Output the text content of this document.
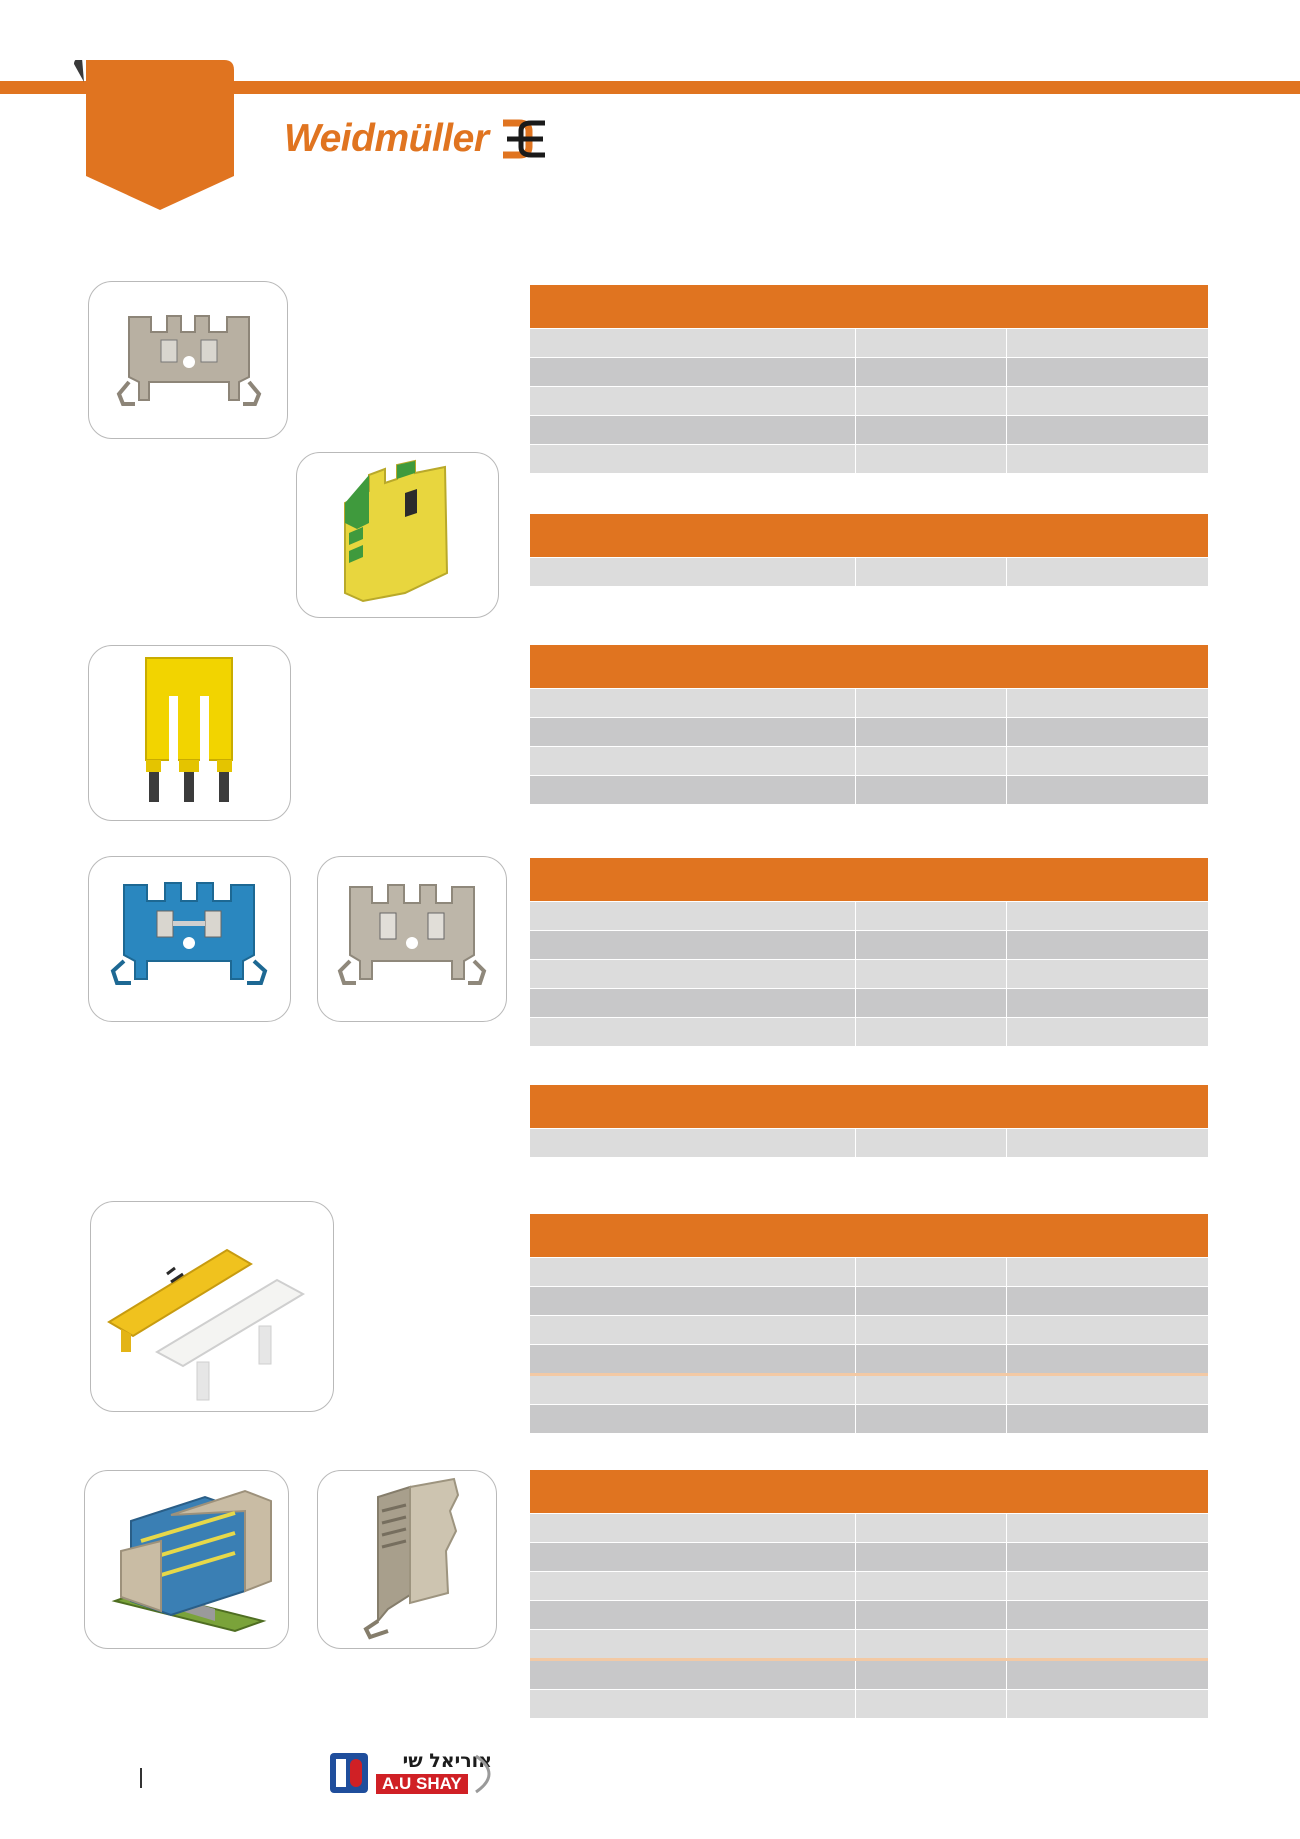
Weidmüller
אוריאל שי
A.U SHAY
